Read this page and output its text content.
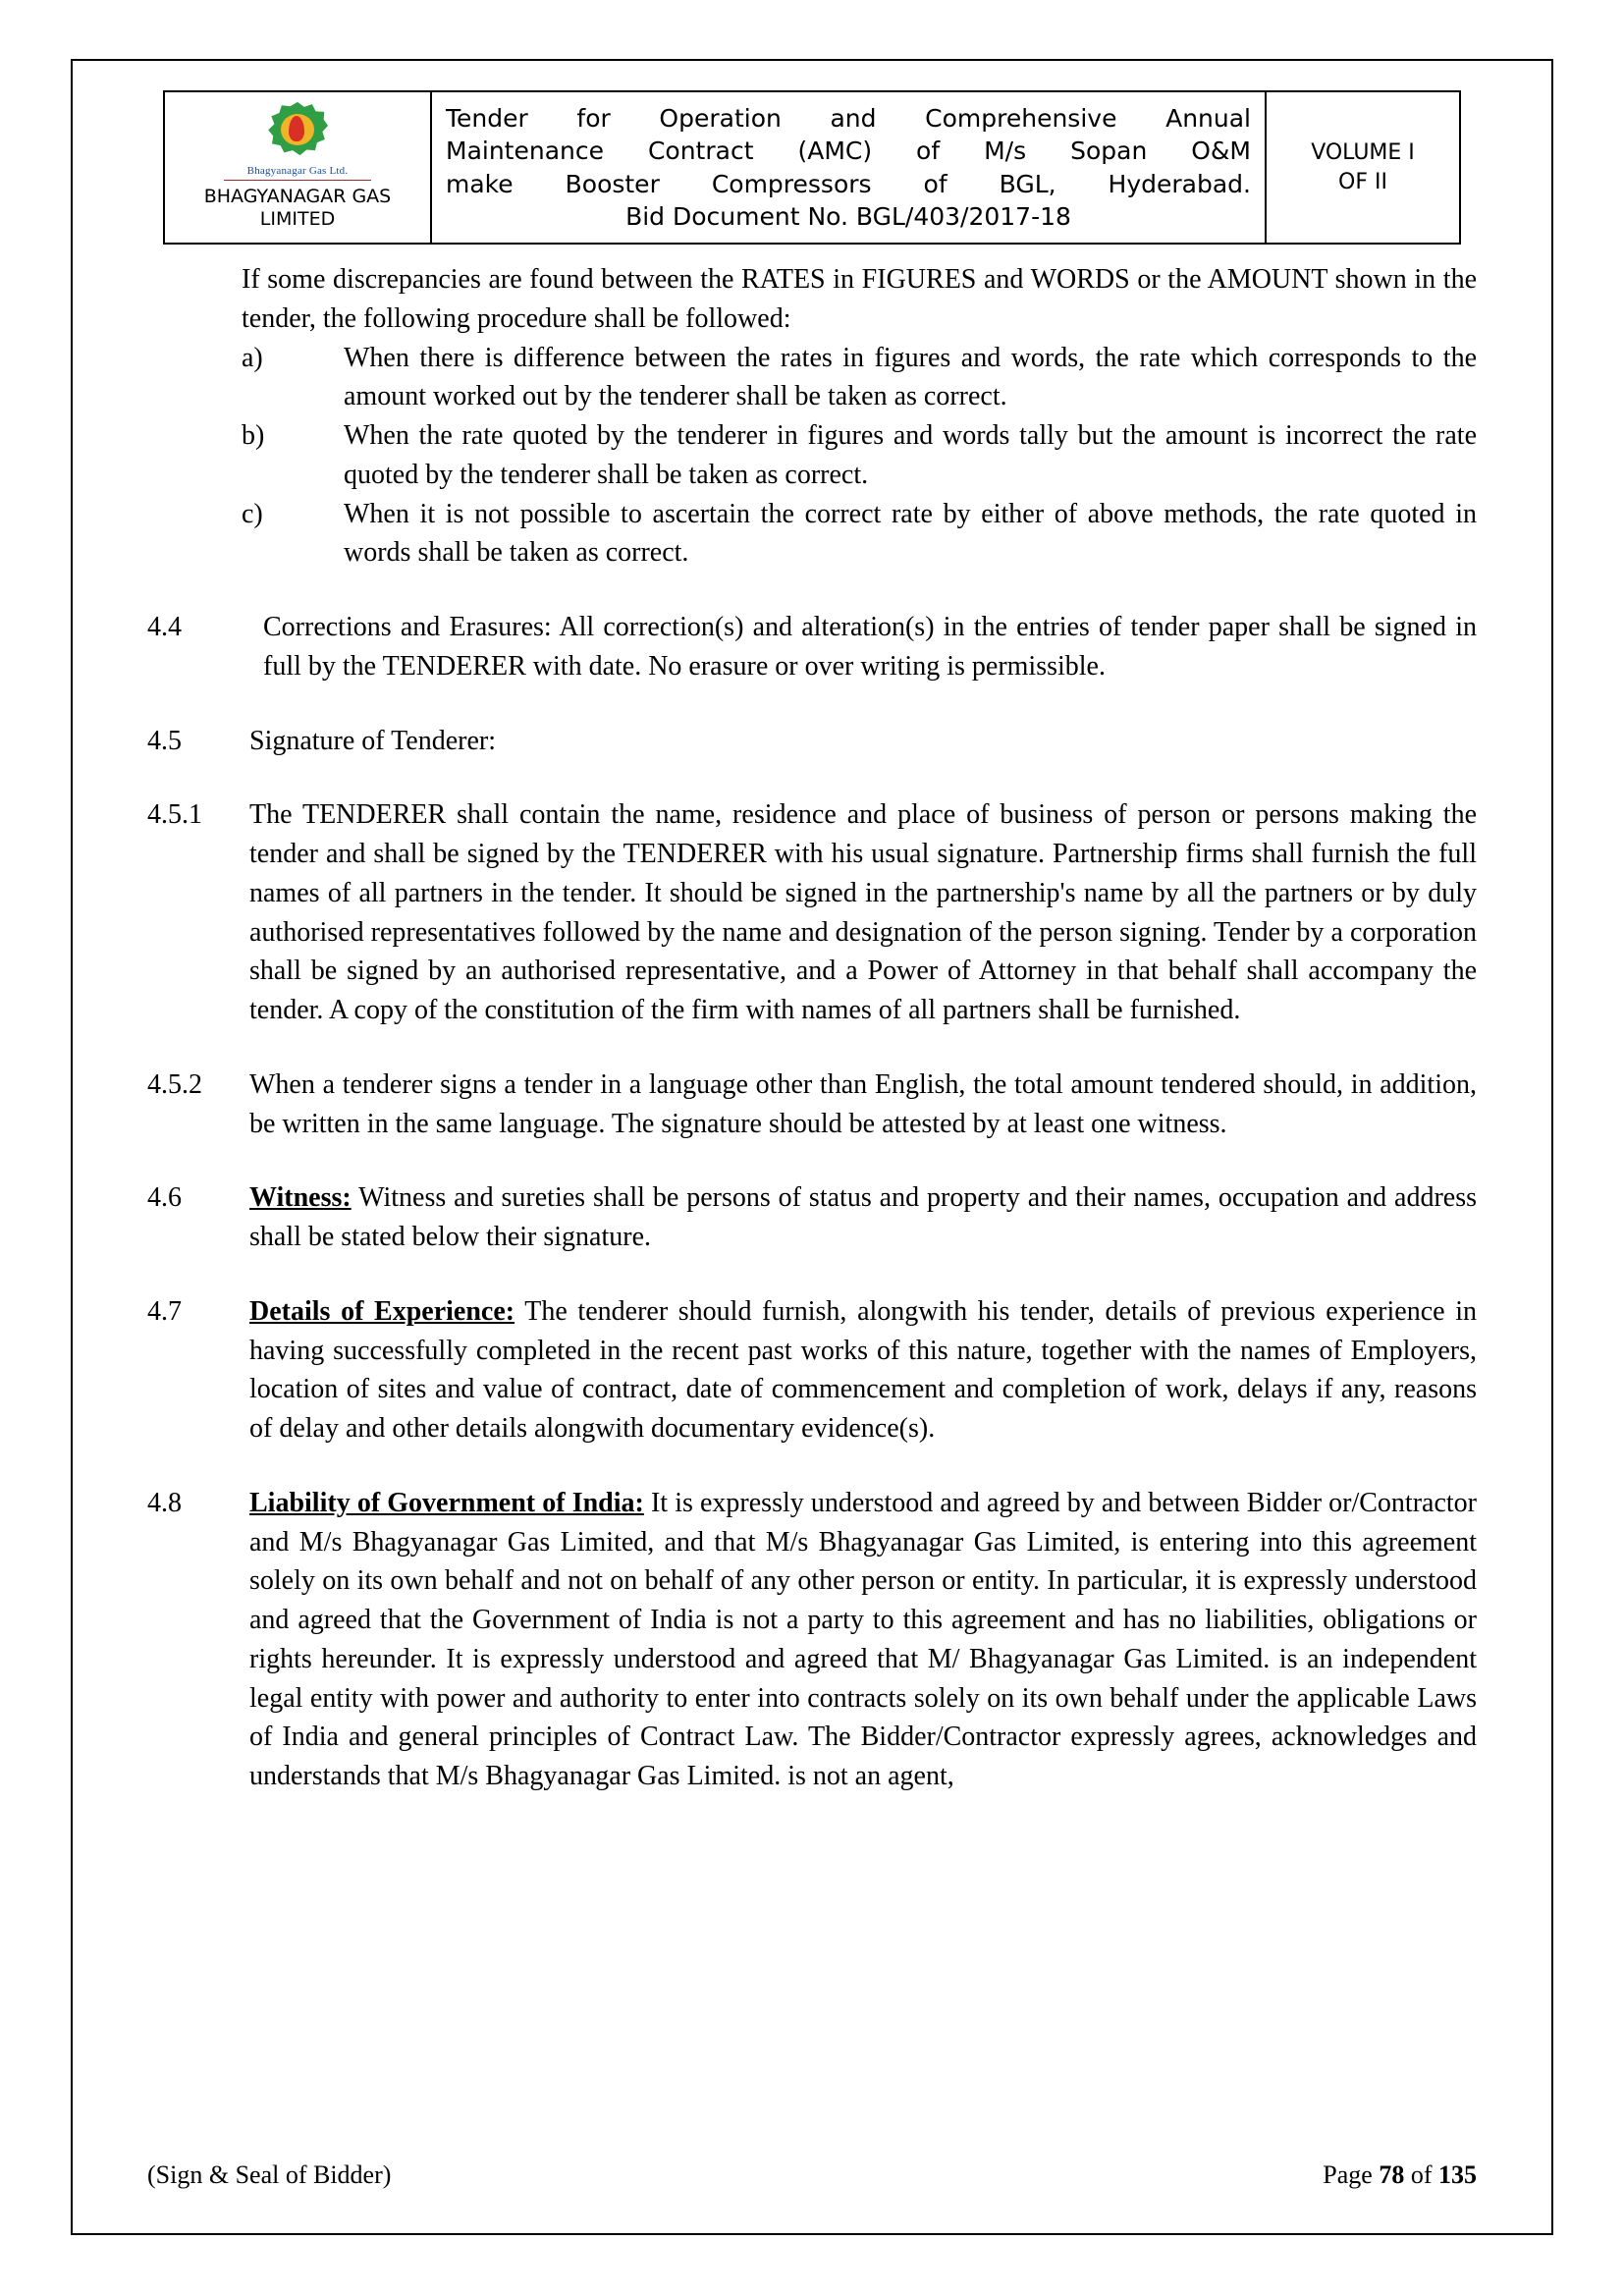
Bhagyanagar Gas Ltd.
BHAGYANAGAR GAS
LIMITED

Tender for Operation and Comprehensive Annual
Maintenance Contract (AMC) of M/s Sopan O&M
make Booster Compressors of BGL, Hyderabad.
Bid Document No. BGL/403/2017-18

VOLUME I
OF II

If some discrepancies are found between the RATES in FIGURES and WORDS or the AMOUNT shown in the tender, the following procedure shall be followed:

a)	When there is difference between the rates in figures and words, the rate which corresponds to the amount worked out by the tenderer shall be taken as correct.
b)	When the rate quoted by the tenderer in figures and words tally but the amount is incorrect the rate quoted by the tenderer shall be taken as correct.
c)	When it is not possible to ascertain the correct rate by either of above methods, the rate quoted in words shall be taken as correct.
4.4	Corrections and Erasures: All correction(s) and alteration(s) in the entries of tender paper shall be signed in full by the TENDERER with date. No erasure or over writing is permissible.
4.5	Signature of Tenderer:
4.5.1	The TENDERER shall contain the name, residence and place of business of person or persons making the tender and shall be signed by the TENDERER with his usual signature. Partnership firms shall furnish the full names of all partners in the tender. It should be signed in the partnership's name by all the partners or by duly authorised representatives followed by the name and designation of the person signing. Tender by a corporation shall be signed by an authorised representative, and a Power of Attorney in that behalf shall accompany the tender. A copy of the constitution of the firm with names of all partners shall be furnished.
4.5.2	When a tenderer signs a tender in a language other than English, the total amount tendered should, in addition, be written in the same language. The signature should be attested by at least one witness.
4.6	Witness: Witness and sureties shall be persons of status and property and their names, occupation and address shall be stated below their signature.
4.7	Details of Experience: The tenderer should furnish, alongwith his tender, details of previous experience in having successfully completed in the recent past works of this nature, together with the names of Employers, location of sites and value of contract, date of commencement and completion of work, delays if any, reasons of delay and other details alongwith documentary evidence(s).
4.8	Liability of Government of India: It is expressly understood and agreed by and between Bidder or/Contractor and M/s Bhagyanagar Gas Limited, and that M/s Bhagyanagar Gas Limited, is entering into this agreement solely on its own behalf and not on behalf of any other person or entity. In particular, it is expressly understood and agreed that the Government of India is not a party to this agreement and has no liabilities, obligations or rights hereunder. It is expressly understood and agreed that M/ Bhagyanagar Gas Limited. is an independent legal entity with power and authority to enter into contracts solely on its own behalf under the applicable Laws of India and general principles of Contract Law. The Bidder/Contractor expressly agrees, acknowledges and understands that M/s Bhagyanagar Gas Limited. is not an agent,
(Sign & Seal of Bidder)	Page 78 of 135
